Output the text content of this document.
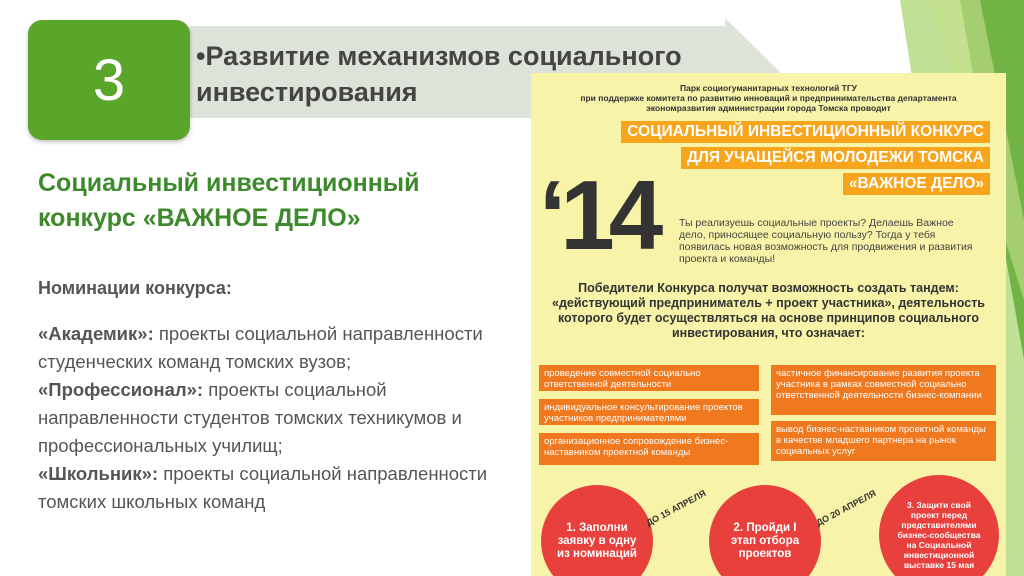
3	•Развитие механизмов социального инвестирования
Социальный инвестиционный конкурс «ВАЖНОЕ ДЕЛО»
Номинации конкурса:
«Академик»: проекты социальной направленности студенческих команд томских вузов;
«Профессионал»: проекты социальной направленности студентов томских техникумов и профессиональных училищ;
«Школьник»: проекты социальной направленности томских школьных команд
Парк социогуманитарных технологий ТГУ
при поддержке комитета по развитию инноваций и предпринимательства департамента
экономразвития администрации города Томска проводит
СОЦИАЛЬНЫЙ ИНВЕСТИЦИОННЫЙ КОНКУРС
ДЛЯ УЧАЩЕЙСЯ МОЛОДЕЖИ ТОМСКА
«ВАЖНОЕ ДЕЛО»
‘14 Ты реализуешь социальные проекты? Делаешь Важное дело, приносящее социальную пользу? Тогда у тебя появилась новая возможность для продвижения и развития проекта и команды!
Победители Конкурса получат возможность создать тандем: «действующий предприниматель + проект участника», деятельность которого будет осуществляться на основе принципов социального инвестирования, что означает:
проведение совместной социально ответственной деятельности
индивидуальное консультирование проектов участников предпринимателями
организационное сопровождение бизнес-наставником проектной команды
частичное финансирование развития проекта участника в рамках совместной социально ответственной деятельности бизнес-компании
вывод бизнес-наставником проектной команды в качестве младшего партнера на рынок социальных услуг
1. Заполни заявку в одну из номинаций
ДО 15 АПРЕЛЯ	2. Пройди I этап отбора проектов
ДО 20 АПРЕЛЯ	3. Защити свой проект перед представителями бизнес-сообщества на Социальной инвестиционной выставке 15 мая
